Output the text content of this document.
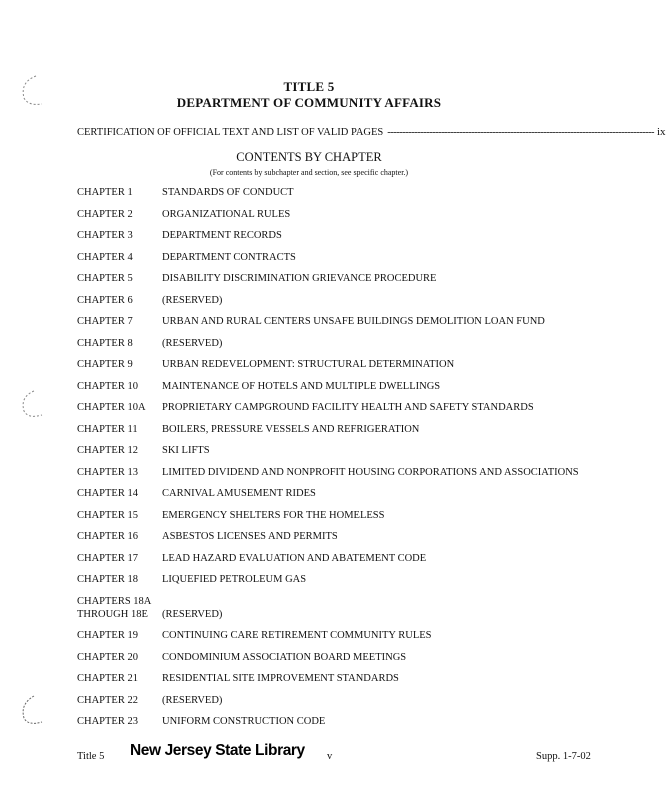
TITLE 5
DEPARTMENT OF COMMUNITY AFFAIRS
CERTIFICATION OF OFFICIAL TEXT AND LIST OF VALID PAGES ----------------------------------------------------------------------------------------- ix
CONTENTS BY CHAPTER
(For contents by subchapter and section, see specific chapter.)
CHAPTER 1	STANDARDS OF CONDUCT
CHAPTER 2	ORGANIZATIONAL RULES
CHAPTER 3	DEPARTMENT RECORDS
CHAPTER 4	DEPARTMENT CONTRACTS
CHAPTER 5	DISABILITY DISCRIMINATION GRIEVANCE PROCEDURE
CHAPTER 6	(RESERVED)
CHAPTER 7	URBAN AND RURAL CENTERS UNSAFE BUILDINGS DEMOLITION LOAN FUND
CHAPTER 8	(RESERVED)
CHAPTER 9	URBAN REDEVELOPMENT: STRUCTURAL DETERMINATION
CHAPTER 10 MAINTENANCE OF HOTELS AND MULTIPLE DWELLINGS
CHAPTER 10A PROPRIETARY CAMPGROUND FACILITY HEALTH AND SAFETY STANDARDS
CHAPTER 11 BOILERS, PRESSURE VESSELS AND REFRIGERATION
CHAPTER 12 SKI LIFTS
CHAPTER 13 LIMITED DIVIDEND AND NONPROFIT HOUSING CORPORATIONS AND ASSOCIATIONS
CHAPTER 14 CARNIVAL AMUSEMENT RIDES
CHAPTER 15 EMERGENCY SHELTERS FOR THE HOMELESS
CHAPTER 16 ASBESTOS LICENSES AND PERMITS
CHAPTER 17 LEAD HAZARD EVALUATION AND ABATEMENT CODE
CHAPTER 18 LIQUEFIED PETROLEUM GAS
CHAPTERS 18A
THROUGH 18E (RESERVED)
CHAPTER 19 CONTINUING CARE RETIREMENT COMMUNITY RULES
CHAPTER 20 CONDOMINIUM ASSOCIATION BOARD MEETINGS
CHAPTER 21 RESIDENTIAL SITE IMPROVEMENT STANDARDS
CHAPTER 22 (RESERVED)
CHAPTER 23 UNIFORM CONSTRUCTION CODE
Title 5 New Jersey State Library v	Supp. 1-7-02
